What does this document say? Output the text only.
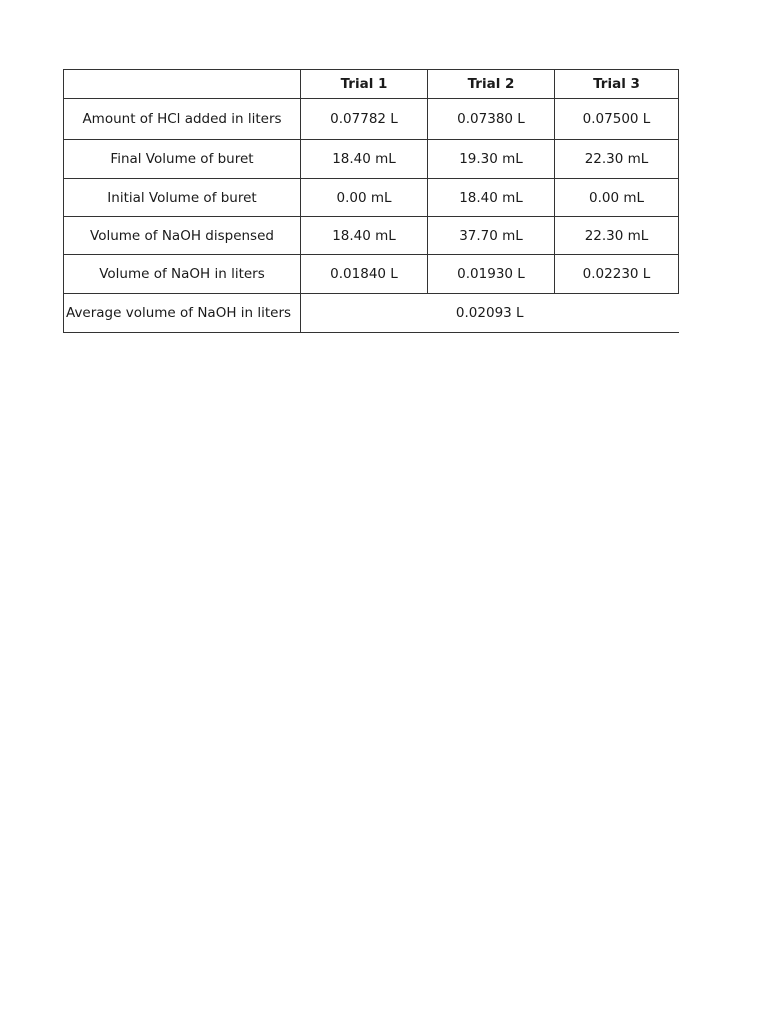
	Trial 1	Trial 2	Trial 3
Amount of HCl added in liters	0.07782 L	0.07380 L	0.07500 L
Final Volume of buret	18.40 mL	19.30 mL	22.30 mL
Initial Volume of buret	0.00 mL	18.40 mL	0.00 mL
Volume of NaOH dispensed	18.40 mL	37.70 mL	22.30 mL
Volume of NaOH in liters	0.01840 L	0.01930 L	0.02230 L
Average volume of NaOH in liters	0.02093 L		
